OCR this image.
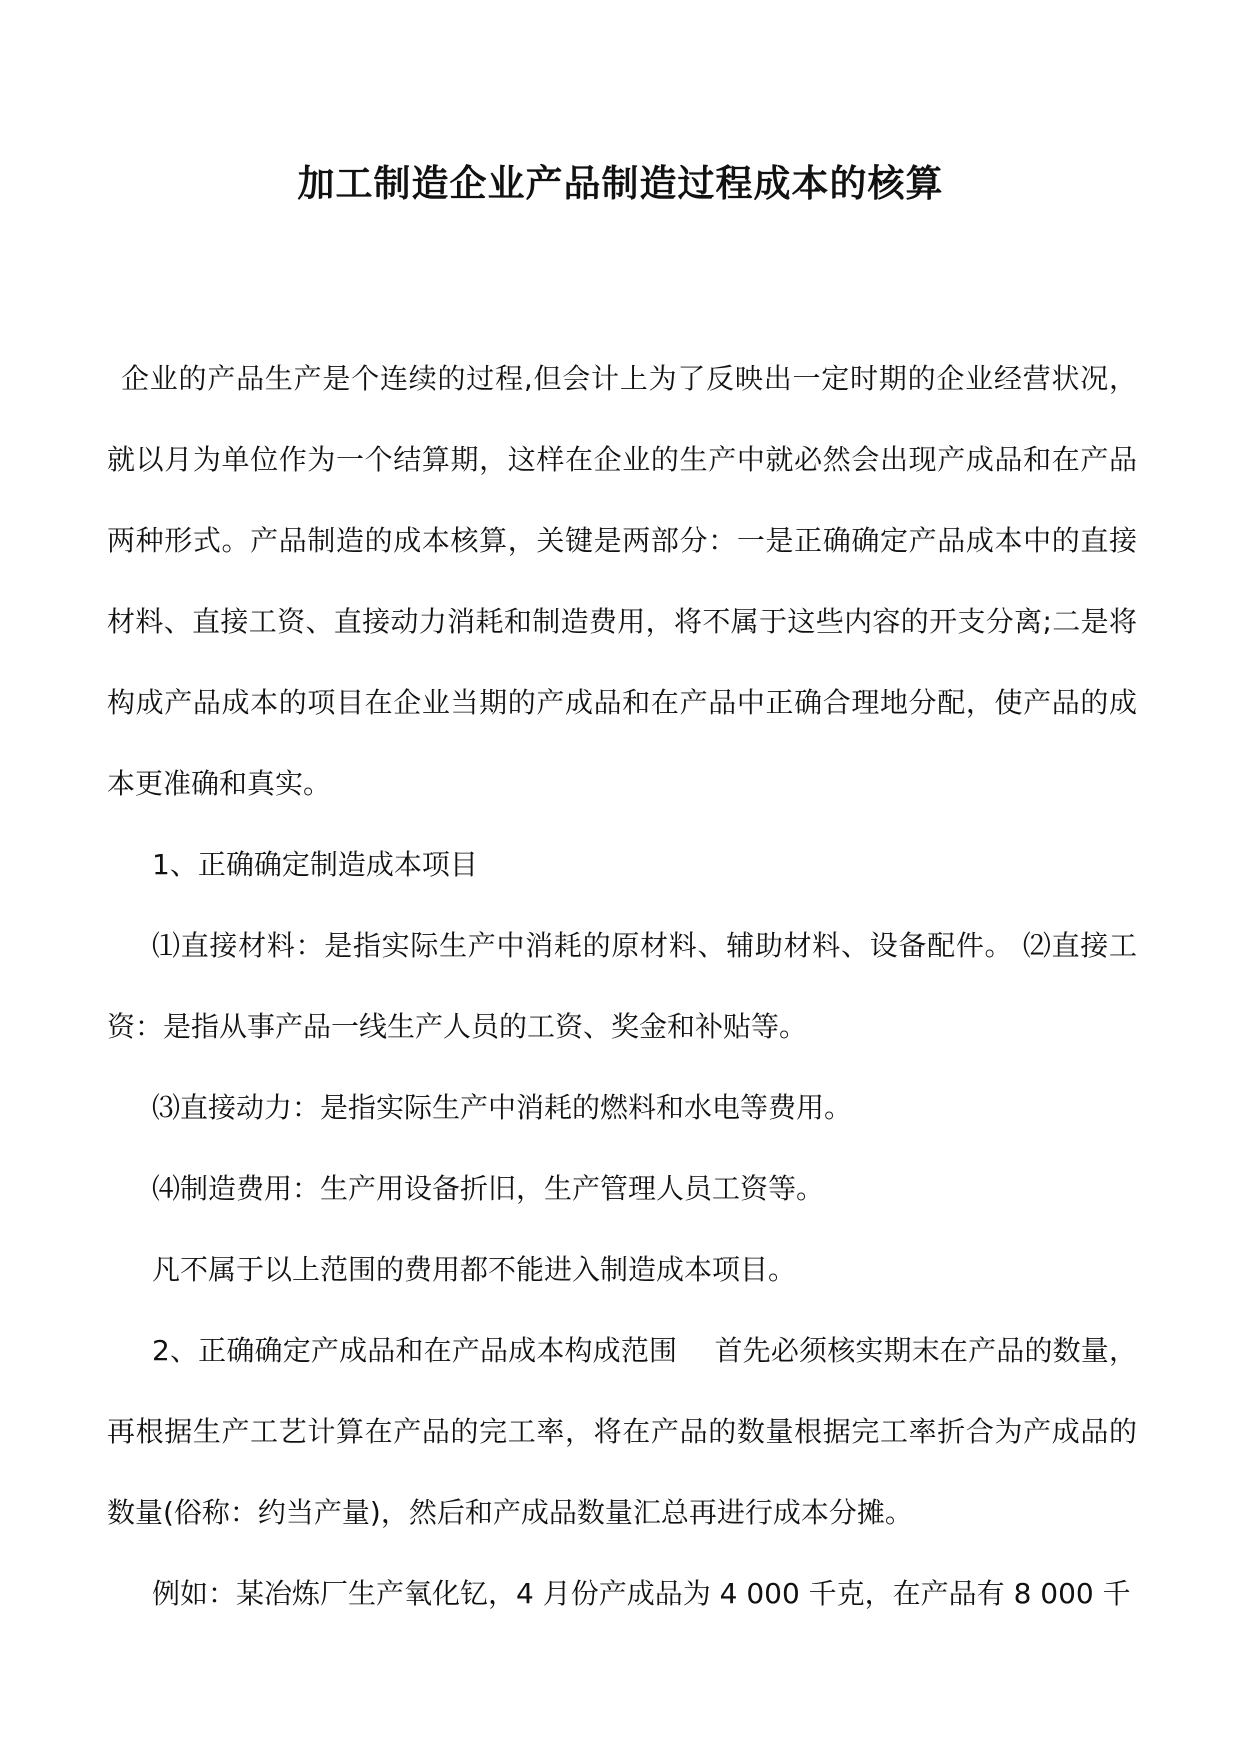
加工制造企业产品制造过程成本的核算

企业的产品生产是个连续的过程,但会计上为了反映出一定时期的企业经营状况，就以月为单位作为一个结算期，这样在企业的生产中就必然会出现产成品和在产品两种形式。产品制造的成本核算，关键是两部分：一是正确确定产品成本中的直接材料、直接工资、直接动力消耗和制造费用，将不属于这些内容的开支分离;二是将构成产品成本的项目在企业当期的产成品和在产品中正确合理地分配，使产品的成本更准确和真实。

1、正确确定制造成本项目

⑴直接材料：是指实际生产中消耗的原材料、辅助材料、设备配件。 ⑵直接工资：是指从事产品一线生产人员的工资、奖金和补贴等。

⑶直接动力：是指实际生产中消耗的燃料和水电等费用。

⑷制造费用：生产用设备折旧，生产管理人员工资等。

凡不属于以上范围的费用都不能进入制造成本项目。

2、正确确定产成品和在产品成本构成范围　 首先必须核实期末在产品的数量，再根据生产工艺计算在产品的完工率，将在产品的数量根据完工率折合为产成品的数量(俗称：约当产量)，然后和产成品数量汇总再进行成本分摊。

例如：某冶炼厂生产氧化钇，4 月份产成品为 4 000 千克，在产品有 8 000 千
